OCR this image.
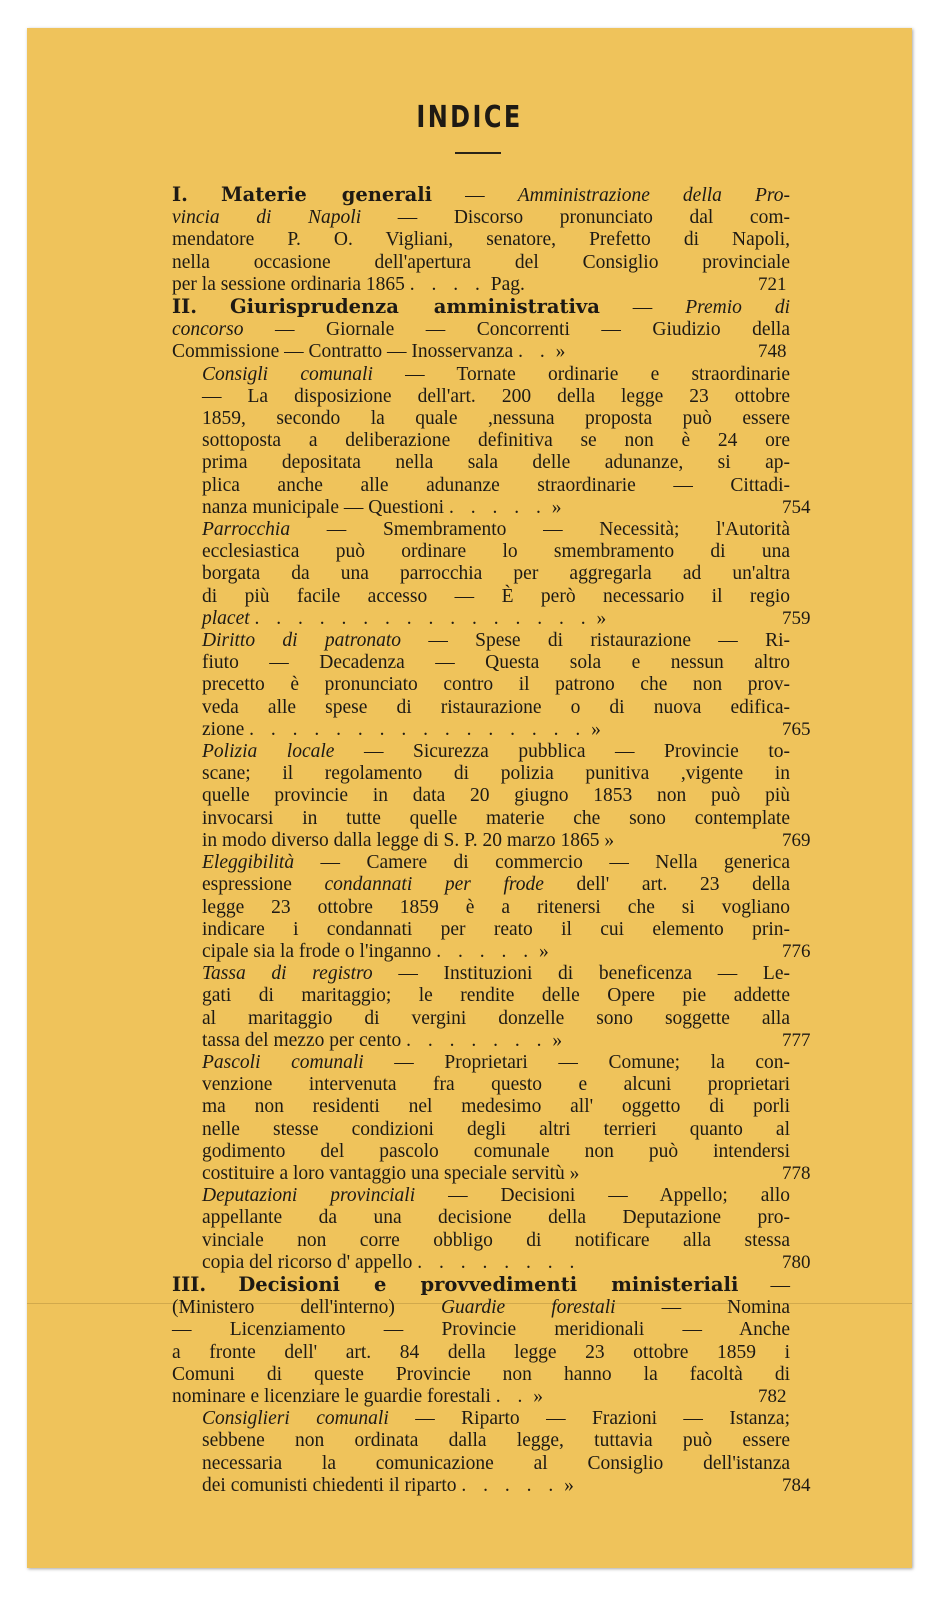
INDICE
I. Materie generali — Amministrazione della Pro-
vincia di Napoli — Discorso pronunciato dal com-
mendatore P. O. Vigliani, senatore, Prefetto di Napoli,
nella occasione dell'apertura del Consiglio provinciale
per la sessione ordinaria 1865 . . . . Pag.	721
II. Giurisprudenza amministrativa — Premio di
concorso — Giornale — Concorrenti — Giudizio della
Commissione — Contratto — Inosservanza . . »	748
Consigli comunali — Tornate ordinarie e straordinarie
— La disposizione dell'art. 200 della legge 23 ottobre
1859, secondo la quale ,nessuna proposta può essere
sottoposta a deliberazione definitiva se non è 24 ore
prima depositata nella sala delle adunanze, si ap-
plica anche alle adunanze straordinarie — Cittadi-
nanza municipale — Questioni . . . . . »	754
Parrocchia — Smembramento — Necessità; l'Autorità
ecclesiastica può ordinare lo smembramento di una
borgata da una parrocchia per aggregarla ad un'altra
di più facile accesso — È però necessario il regio
placet . . . . . . . . . . . . . . . . »	759
Diritto di patronato — Spese di ristaurazione — Ri-
fiuto — Decadenza — Questa sola e nessun altro
precetto è pronunciato contro il patrono che non prov-
veda alle spese di ristaurazione o di nuova edifica-
zione . . . . . . . . . . . . . . . . »	765
Polizia locale — Sicurezza pubblica — Provincie to-
scane; il regolamento di polizia punitiva ,vigente in
quelle provincie in data 20 giugno 1853 non può più
invocarsi in tutte quelle materie che sono contemplate
in modo diverso dalla legge di S. P. 20 marzo 1865 »	769
Eleggibilità — Camere di commercio — Nella generica
espressione condannati per frode dell' art. 23 della
legge 23 ottobre 1859 è a ritenersi che si vogliano
indicare i condannati per reato il cui elemento prin-
cipale sia la frode o l'inganno . . . . . »	776
Tassa di registro — Instituzioni di beneficenza — Le-
gati di maritaggio; le rendite delle Opere pie addette
al maritaggio di vergini donzelle sono soggette alla
tassa del mezzo per cento . . . . . . . »	777
Pascoli comunali — Proprietari — Comune; la con-
venzione intervenuta fra questo e alcuni proprietari
ma non residenti nel medesimo all' oggetto di porli
nelle stesse condizioni degli altri terrieri quanto al
godimento del pascolo comunale non può intendersi
costituire a loro vantaggio una speciale servitù »	778
Deputazioni provinciali — Decisioni — Appello; allo
appellante da una decisione della Deputazione pro-
vinciale non corre obbligo di notificare alla stessa
copia del ricorso d' appello . . . . . . . .	780
III. Decisioni e provvedimenti ministeriali —
(Ministero dell'interno) Guardie forestali — Nomina
— Licenziamento — Provincie meridionali — Anche
a fronte dell' art. 84 della legge 23 ottobre 1859 i
Comuni di queste Provincie non hanno la facoltà di
nominare e licenziare le guardie forestali . . »	782
Consiglieri comunali — Riparto — Frazioni — Istanza;
sebbene non ordinata dalla legge, tuttavia può essere
necessaria la comunicazione al Consiglio dell'istanza
dei comunisti chiedenti il riparto . . . . . »	784
